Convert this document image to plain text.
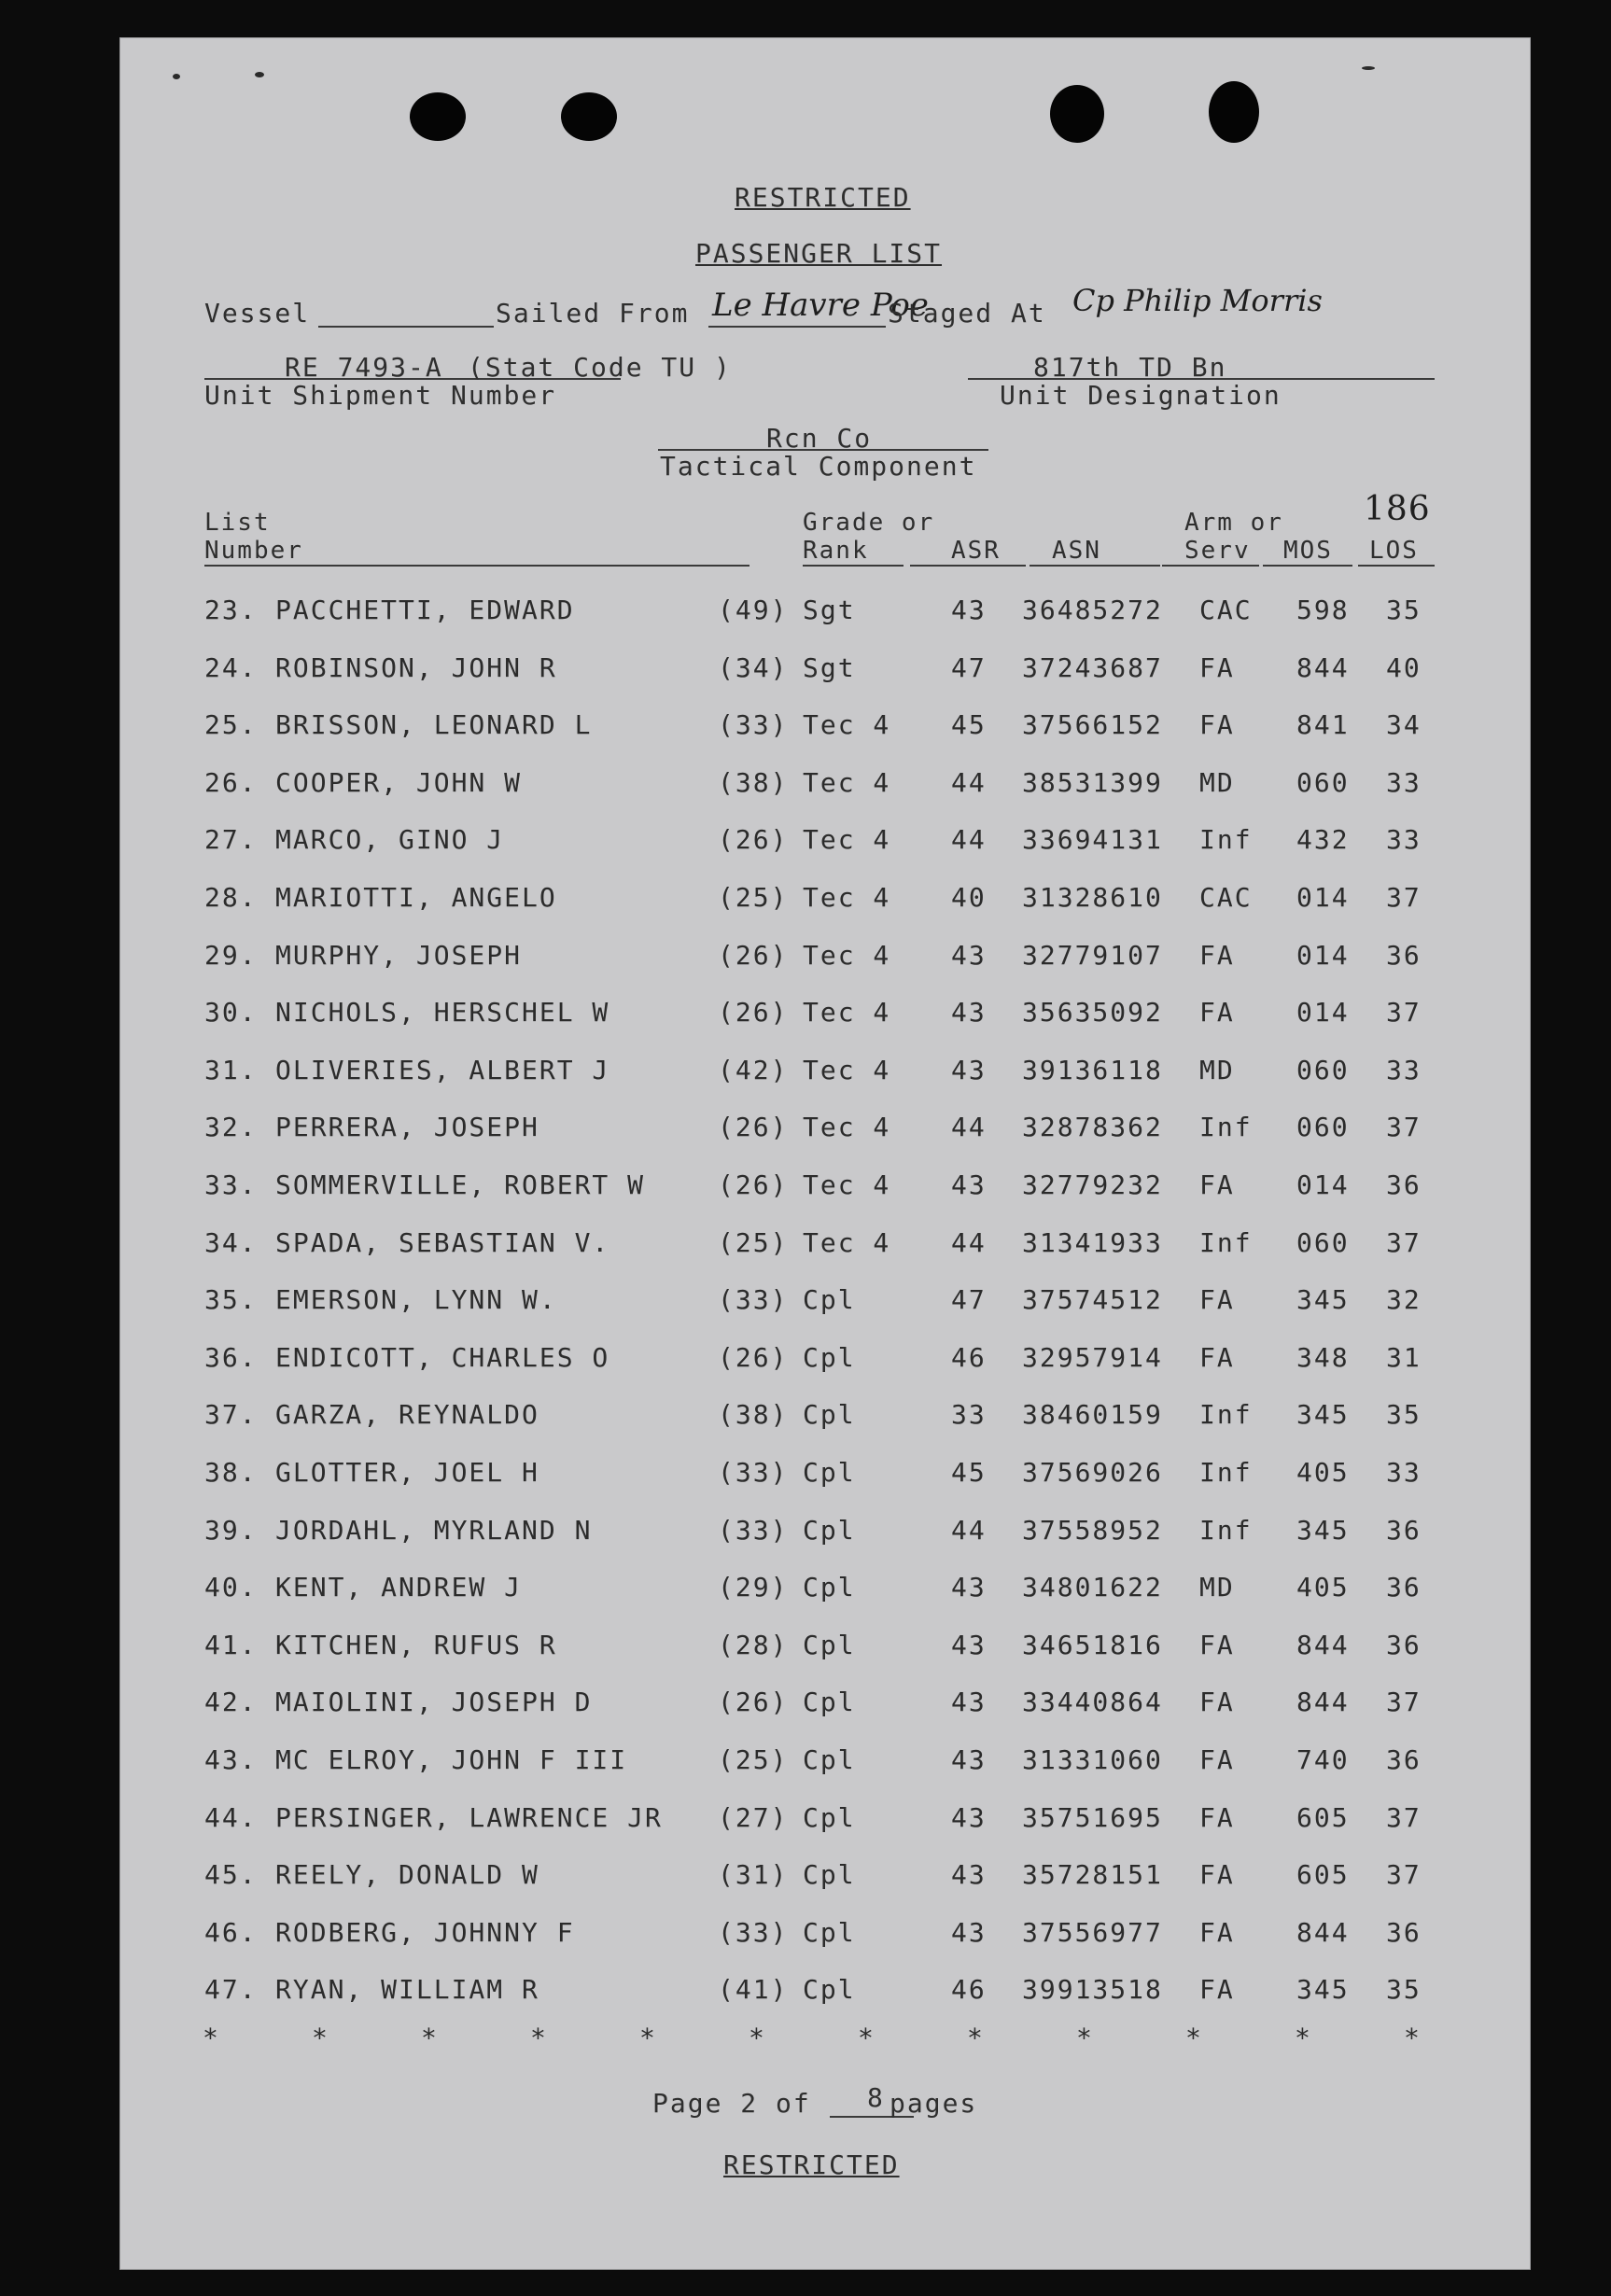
RESTRICTED
PASSENGER LIST
Vessel	Sailed From Le Havre Poe
Staged At Cp Philip Morris
RE 7493-A (Stat Code TU )
Unit Shipment Number
817th TD Bn
Unit Designation
Rcn Co
Tactical Component
List
Number
Grade or
Rank	ASR ASN
Arm or
Serv
186
MOS LOS
23. PACCHETTI, EDWARD	(49) Sgt	43 36485272 CAC 598 35
24. ROBINSON, JOHN R	(34) Sgt	47 37243687 FA 844 40
25. BRISSON, LEONARD L	(33) Tec 4 45 37566152 FA 841 34
26. COOPER, JOHN W	(38) Tec 4 44 38531399 MD 060 33
27. MARCO, GINO J	(26) Tec 4 44 33694131 Inf 432 33
28. MARIOTTI, ANGELO	(25) Tec 4 40 31328610 CAC 014 37
29. MURPHY, JOSEPH	(26) Tec 4 43 32779107 FA 014 36
30. NICHOLS, HERSCHEL W	(26) Tec 4 43 35635092 FA 014 37
31. OLIVERIES, ALBERT J	(42) Tec 4 43 39136118 MD 060 33
32. PERRERA, JOSEPH	(26) Tec 4 44 32878362 Inf 060 37
33. SOMMERVILLE, ROBERT W	(26) Tec 4 43 32779232 FA 014 36
34. SPADA, SEBASTIAN V.	(25) Tec 4 44 31341933 Inf 060 37
35. EMERSON, LYNN W.	(33) Cpl	47 37574512 FA 345 32
36. ENDICOTT, CHARLES O	(26) Cpl	46 32957914 FA 348 31
37. GARZA, REYNALDO	(38) Cpl	33 38460159 Inf 345 35
38. GLOTTER, JOEL H	(33) Cpl	45 37569026 Inf 405 33
39. JORDAHL, MYRLAND N	(33) Cpl	44 37558952 Inf 345 36
40. KENT, ANDREW J	(29) Cpl	43 34801622 MD 405 36
41. KITCHEN, RUFUS R	(28) Cpl	43 34651816 FA 844 36
42. MAIOLINI, JOSEPH D	(26) Cpl	43 33440864 FA 844 37
43. MC ELROY, JOHN F III	(25) Cpl	43 31331060 FA 740 36
44. PERSINGER, LAWRENCE JR (27) Cpl	43 35751695 FA 605 37
45. REELY, DONALD W	(31) Cpl	43 35728151 FA 605 37
46. RODBERG, JOHNNY F	(33) Cpl	43 37556977 FA 844 36
47. RYAN, WILLIAM R	(41) Cpl	46 39913518 FA 345 35
*	*	*	*	*	*	*	*	*	*	*	*
Page 2 of 8 pages
RESTRICTED
